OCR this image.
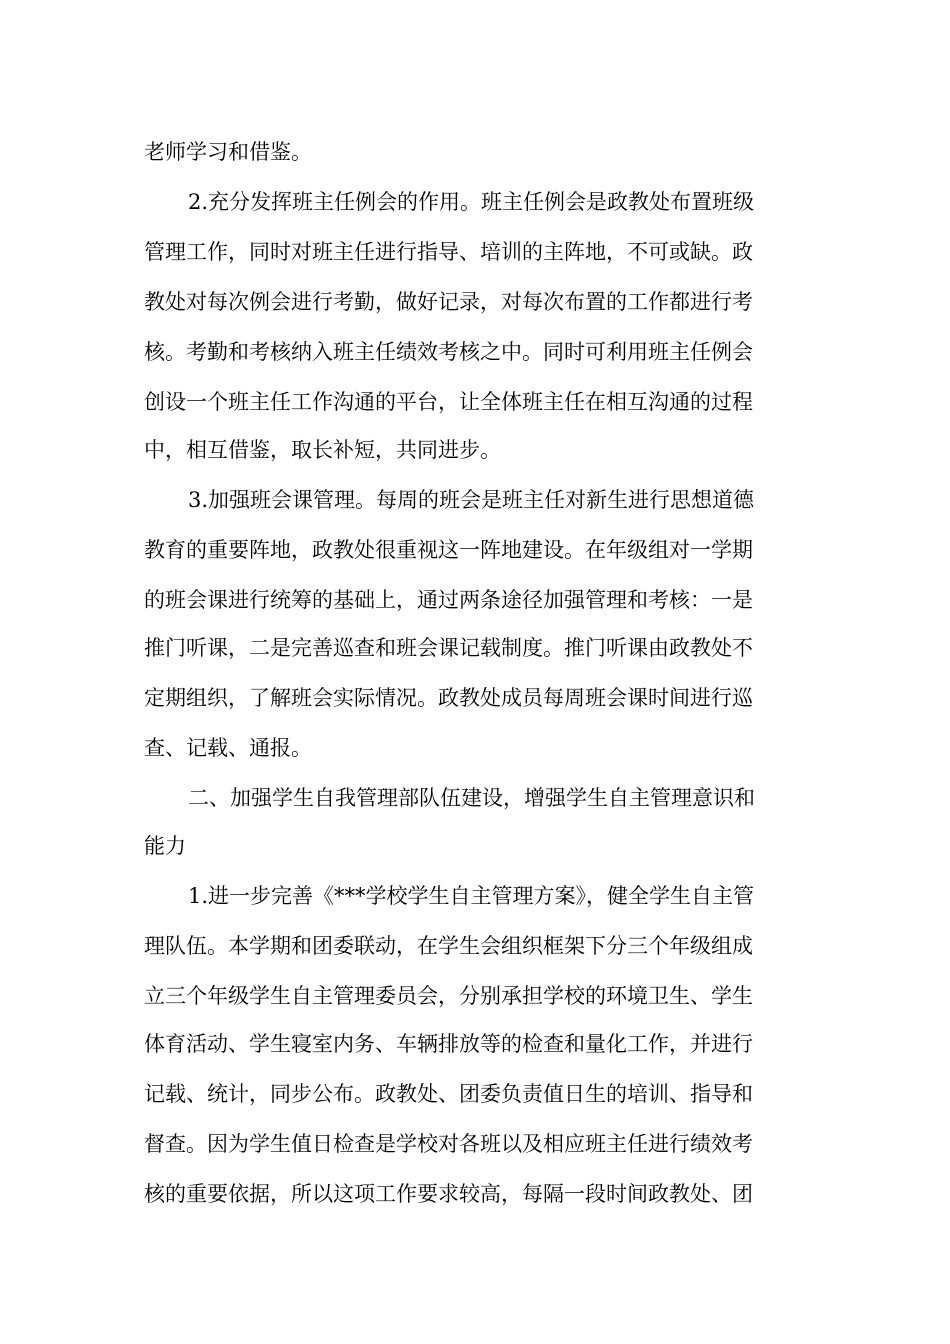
老师学习和借鉴。
2.充分发挥班主任例会的作用。班主任例会是政教处布置班级
管理工作，同时对班主任进行指导、培训的主阵地，不可或缺。政
教处对每次例会进行考勤，做好记录，对每次布置的工作都进行考
核。考勤和考核纳入班主任绩效考核之中。同时可利用班主任例会
创设一个班主任工作沟通的平台，让全体班主任在相互沟通的过程
中，相互借鉴，取长补短，共同进步。
3.加强班会课管理。每周的班会是班主任对新生进行思想道德
教育的重要阵地，政教处很重视这一阵地建设。在年级组对一学期
的班会课进行统筹的基础上，通过两条途径加强管理和考核：一是
推门听课，二是完善巡查和班会课记载制度。推门听课由政教处不
定期组织，了解班会实际情况。政教处成员每周班会课时间进行巡
查、记载、通报。
二、加强学生自我管理部队伍建设，增强学生自主管理意识和
能力
1.进一步完善《***学校学生自主管理方案》，健全学生自主管
理队伍。本学期和团委联动，在学生会组织框架下分三个年级组成
立三个年级学生自主管理委员会，分别承担学校的环境卫生、学生
体育活动、学生寝室内务、车辆排放等的检查和量化工作，并进行
记载、统计，同步公布。政教处、团委负责值日生的培训、指导和
督查。因为学生值日检查是学校对各班以及相应班主任进行绩效考
核的重要依据，所以这项工作要求较高，每隔一段时间政教处、团
